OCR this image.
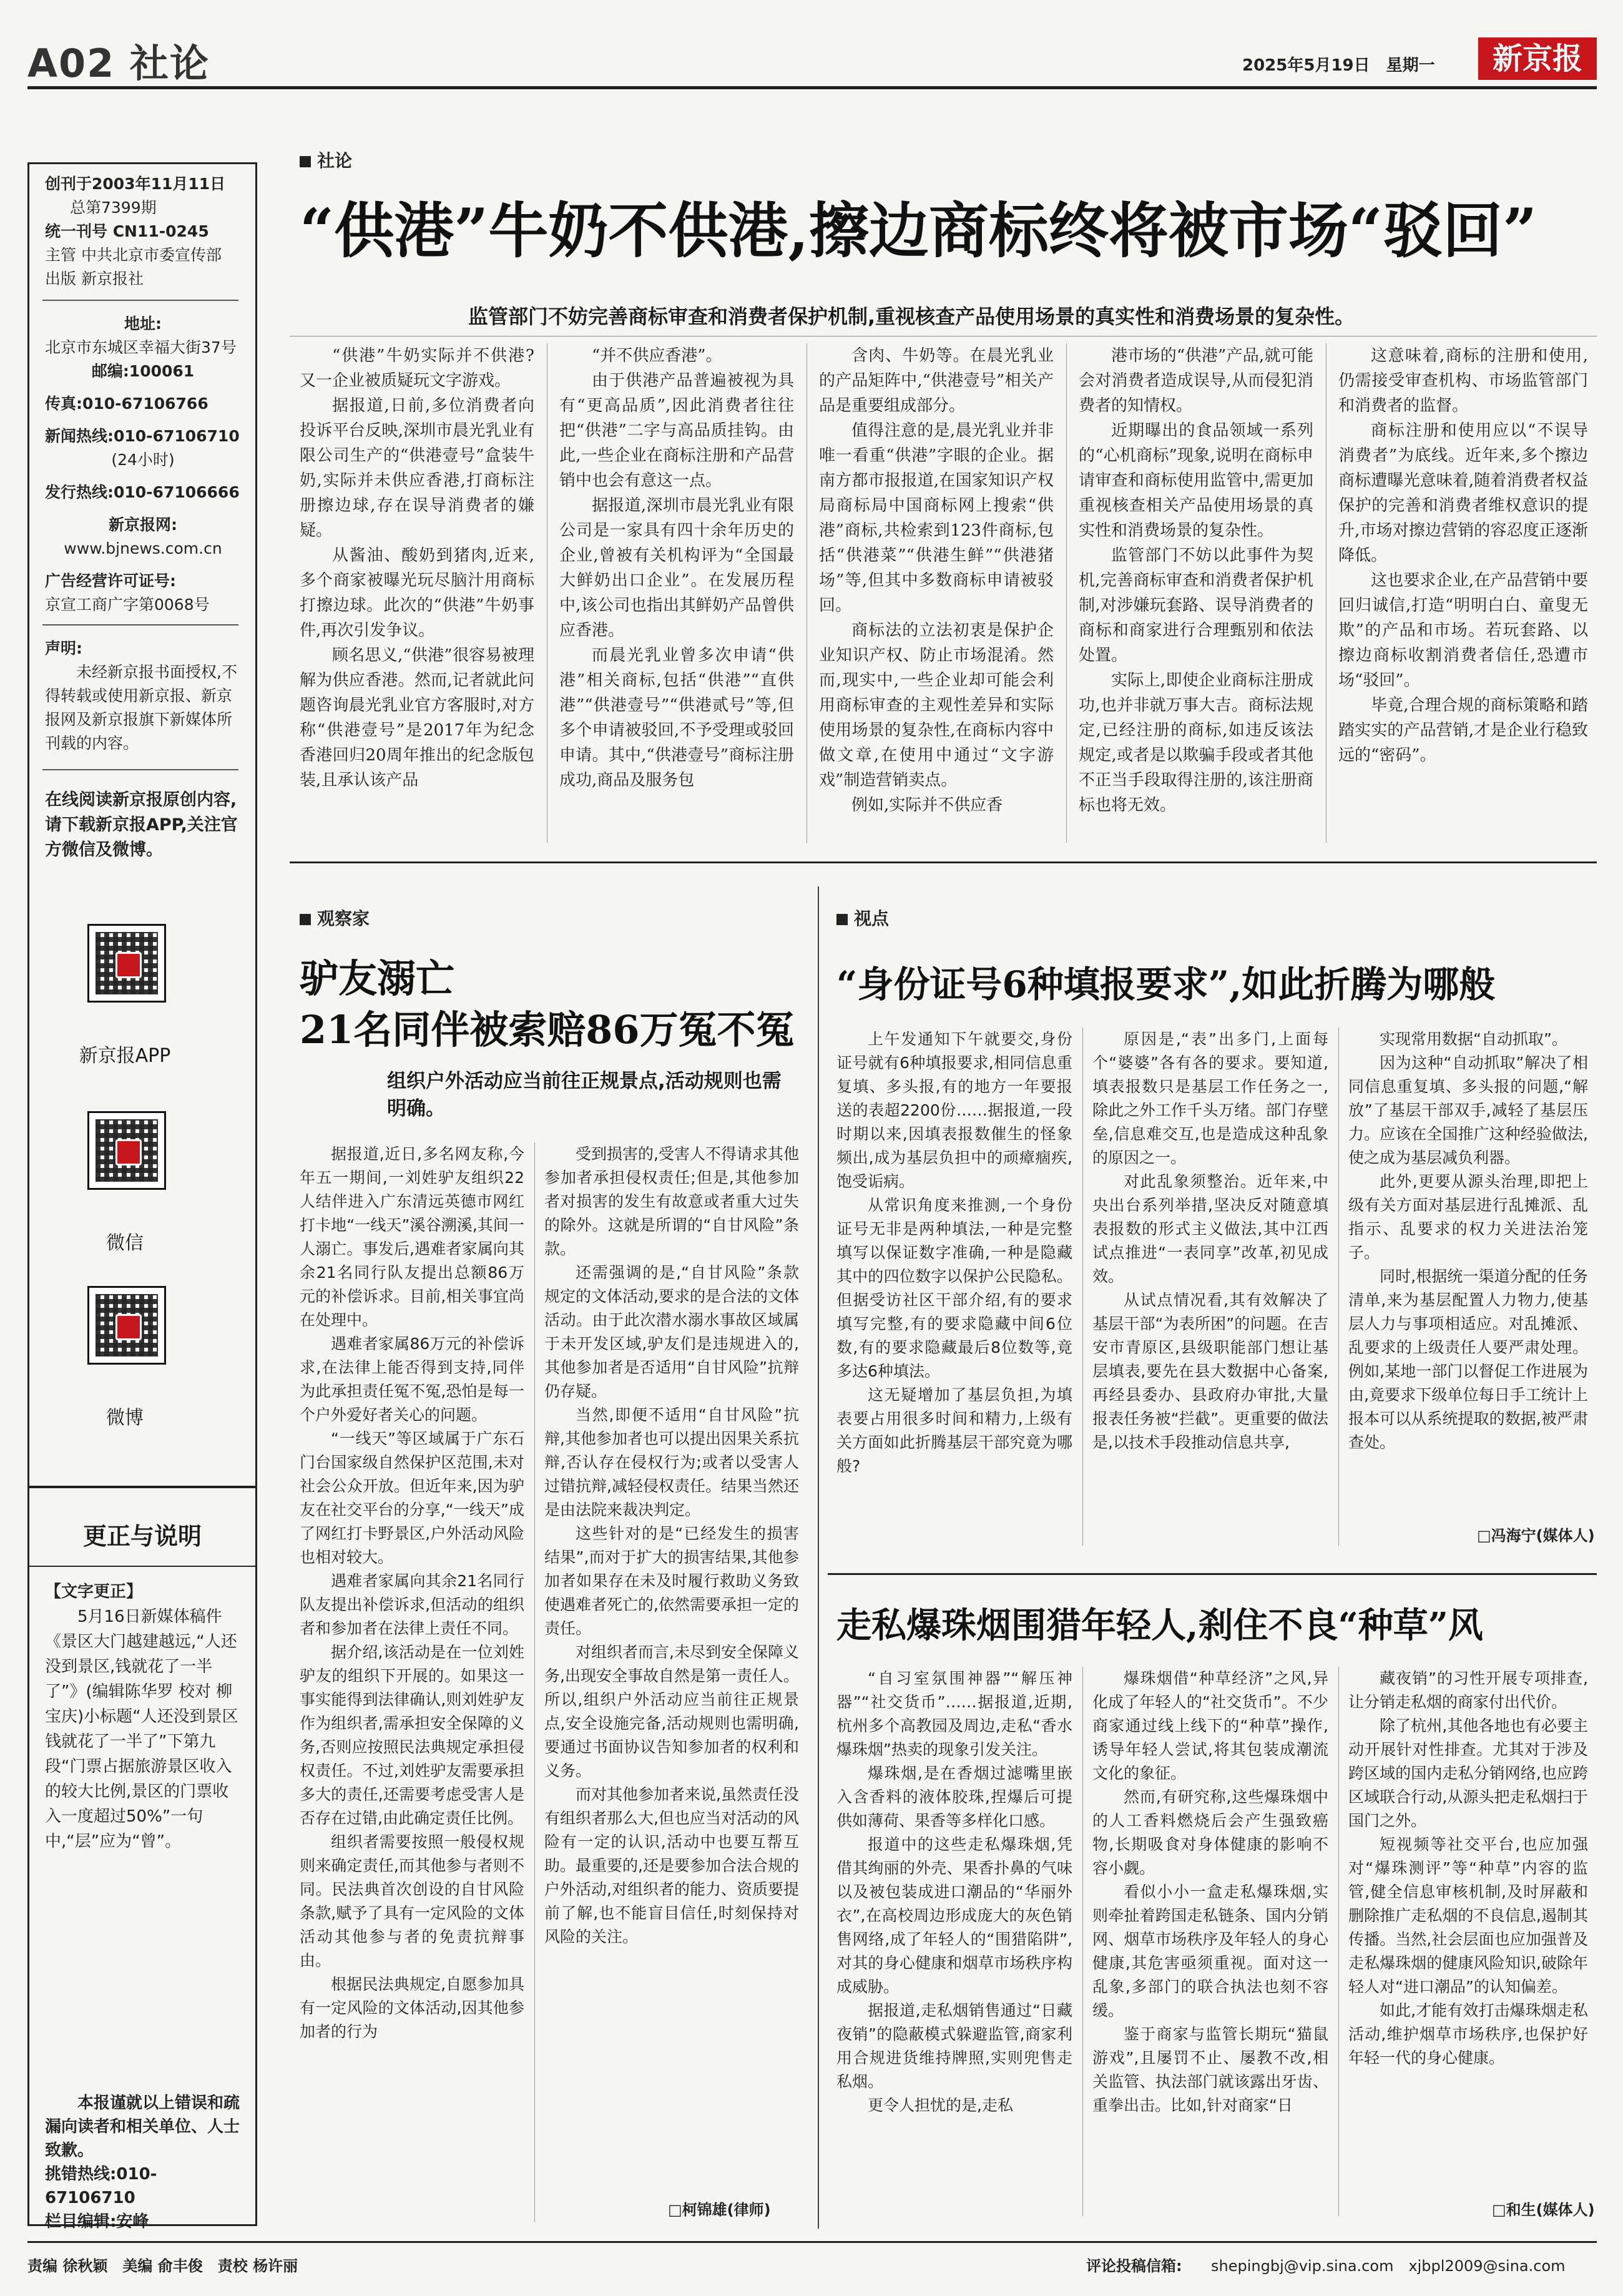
A02 社论	2025年5月19日　星期一	新京报
创刊于2003年11月11日
总第7399期
统一刊号 CN11-0245
主管 中共北京市委宣传部
出版 新京报社
地址:
北京市东城区幸福大街37号
邮编:100061
传真:010-67106766
新闻热线:010-67106710
(24小时)
发行热线:010-67106666
新京报网:
www.bjnews.com.cn
广告经营许可证号:
京宣工商广字第0068号
声明:
未经新京报书面授权,不得转载或使用新京报、新京报网及新京报旗下新媒体所刊载的内容。
在线阅读新京报原创内容,请下载新京报APP,关注官方微信及微博。
新京报APP
微信
微博
更正与说明
【文字更正】
5月16日新媒体稿件《景区大门越建越远,“人还没到景区,钱就花了一半了”》(编辑陈华罗 校对 柳宝庆)小标题“人还没到景区钱就花了一半了”下第九段“门票占据旅游景区收入的较大比例,景区的门票收入一度超过50%”一句中,“层”应为“曾”。
本报谨就以上错误和疏漏向读者和相关单位、人士致歉。
挑错热线:010-67106710
栏目编辑:安峰
社论
“供港”牛奶不供港,擦边商标终将被市场“驳回”
监管部门不妨完善商标审查和消费者保护机制,重视核查产品使用场景的真实性和消费场景的复杂性。

“供港”牛奶实际并不供港?又一企业被质疑玩文字游戏。

据报道,日前,多位消费者向投诉平台反映,深圳市晨光乳业有限公司生产的“供港壹号”盒装牛奶,实际并未供应香港,打商标注册擦边球,存在误导消费者的嫌疑。

从酱油、酸奶到猪肉,近来,多个商家被曝光玩尽脑汁用商标打擦边球。此次的“供港”牛奶事件,再次引发争议。

顾名思义,“供港”很容易被理解为供应香港。然而,记者就此问题咨询晨光乳业官方客服时,对方称“供港壹号”是2017年为纪念香港回归20周年推出的纪念版包装,且承认该产品

“并不供应香港”。

由于供港产品普遍被视为具有“更高品质”,因此消费者往往把“供港”二字与高品质挂钩。由此,一些企业在商标注册和产品营销中也会有意这一点。

据报道,深圳市晨光乳业有限公司是一家具有四十余年历史的企业,曾被有关机构评为“全国最大鲜奶出口企业”。在发展历程中,该公司也指出其鲜奶产品曾供应香港。

而晨光乳业曾多次申请“供港”相关商标,包括“供港”“直供港”“供港壹号”“供港贰号”等,但多个申请被驳回,不予受理或驳回申请。其中,“供港壹号”商标注册成功,商品及服务包

含肉、牛奶等。在晨光乳业的产品矩阵中,“供港壹号”相关产品是重要组成部分。

值得注意的是,晨光乳业并非唯一看重“供港”字眼的企业。据南方都市报报道,在国家知识产权局商标局中国商标网上搜索“供港”商标,共检索到123件商标,包括“供港菜”“供港生鲜”“供港猪场”等,但其中多数商标申请被驳回。

商标法的立法初衷是保护企业知识产权、防止市场混淆。然而,现实中,一些企业却可能会利用商标审查的主观性差异和实际使用场景的复杂性,在商标内容中做文章,在使用中通过“文字游戏”制造营销卖点。

例如,实际并不供应香

港市场的“供港”产品,就可能会对消费者造成误导,从而侵犯消费者的知情权。

近期曝出的食品领域一系列的“心机商标”现象,说明在商标申请审查和商标使用监管中,需更加重视核查相关产品使用场景的真实性和消费场景的复杂性。

监管部门不妨以此事件为契机,完善商标审查和消费者保护机制,对涉嫌玩套路、误导消费者的商标和商家进行合理甄别和依法处置。

实际上,即使企业商标注册成功,也并非就万事大吉。商标法规定,已经注册的商标,如违反该法规定,或者是以欺骗手段或者其他不正当手段取得注册的,该注册商标也将无效。

这意味着,商标的注册和使用,仍需接受审查机构、市场监管部门和消费者的监督。

商标注册和使用应以“不误导消费者”为底线。近年来,多个擦边商标遭曝光意味着,随着消费者权益保护的完善和消费者维权意识的提升,市场对擦边营销的容忍度正逐渐降低。

这也要求企业,在产品营销中要回归诚信,打造“明明白白、童叟无欺”的产品和市场。若玩套路、以擦边商标收割消费者信任,恐遭市场“驳回”。

毕竟,合理合规的商标策略和踏踏实实的产品营销,才是企业行稳致远的“密码”。

观察家
驴友溺亡
21名同伴被索赔86万冤不冤
组织户外活动应当前往正规景点,活动规则也需明确。

据报道,近日,多名网友称,今年五一期间,一刘姓驴友组织22人结伴进入广东清远英德市网红打卡地“一线天”溪谷溯溪,其间一人溺亡。事发后,遇难者家属向其余21名同行队友提出总额86万元的补偿诉求。目前,相关事宜尚在处理中。

遇难者家属86万元的补偿诉求,在法律上能否得到支持,同伴为此承担责任冤不冤,恐怕是每一个户外爱好者关心的问题。

“一线天”等区域属于广东石门台国家级自然保护区范围,未对社会公众开放。但近年来,因为驴友在社交平台的分享,“一线天”成了网红打卡野景区,户外活动风险也相对较大。

遇难者家属向其余21名同行队友提出补偿诉求,但活动的组织者和参加者在法律上责任不同。

据介绍,该活动是在一位刘姓驴友的组织下开展的。如果这一事实能得到法律确认,则刘姓驴友作为组织者,需承担安全保障的义务,否则应按照民法典规定承担侵权责任。不过,刘姓驴友需要承担多大的责任,还需要考虑受害人是否存在过错,由此确定责任比例。

组织者需要按照一般侵权规则来确定责任,而其他参与者则不同。民法典首次创设的自甘风险条款,赋予了具有一定风险的文体活动其他参与者的免责抗辩事由。

根据民法典规定,自愿参加具有一定风险的文体活动,因其他参加者的行为

受到损害的,受害人不得请求其他参加者承担侵权责任;但是,其他参加者对损害的发生有故意或者重大过失的除外。这就是所谓的“自甘风险”条款。

还需强调的是,“自甘风险”条款规定的文体活动,要求的是合法的文体活动。由于此次潜水溺水事故区域属于未开发区域,驴友们是违规进入的,其他参加者是否适用“自甘风险”抗辩仍存疑。

当然,即便不适用“自甘风险”抗辩,其他参加者也可以提出因果关系抗辩,否认存在侵权行为;或者以受害人过错抗辩,减轻侵权责任。结果当然还是由法院来裁决判定。

这些针对的是“已经发生的损害结果”,而对于扩大的损害结果,其他参加者如果存在未及时履行救助义务致使遇难者死亡的,依然需要承担一定的责任。

对组织者而言,未尽到安全保障义务,出现安全事故自然是第一责任人。所以,组织户外活动应当前往正规景点,安全设施完备,活动规则也需明确,要通过书面协议告知参加者的权利和义务。

而对其他参加者来说,虽然责任没有组织者那么大,但也应当对活动的风险有一定的认识,活动中也要互帮互助。最重要的,还是要参加合法合规的户外活动,对组织者的能力、资质要提前了解,也不能盲目信任,时刻保持对风险的关注。

□柯锦雄(律师)
视点
“身份证号6种填报要求”,如此折腾为哪般

上午发通知下午就要交,身份证号就有6种填报要求,相同信息重复填、多头报,有的地方一年要报送的表超2200份……据报道,一段时期以来,因填表报数催生的怪象频出,成为基层负担中的顽瘴痼疾,饱受诟病。

从常识角度来推测,一个身份证号无非是两种填法,一种是完整填写以保证数字准确,一种是隐藏其中的四位数字以保护公民隐私。但据受访社区干部介绍,有的要求填写完整,有的要求隐藏中间6位数,有的要求隐藏最后8位数等,竟多达6种填法。

这无疑增加了基层负担,为填表要占用很多时间和精力,上级有关方面如此折腾基层干部究竟为哪般?

原因是,“表”出多门,上面每个“婆婆”各有各的要求。要知道,填表报数只是基层工作任务之一,除此之外工作千头万绪。部门存壁垒,信息难交互,也是造成这种乱象的原因之一。

对此乱象须整治。近年来,中央出台系列举措,坚决反对随意填表报数的形式主义做法,其中江西试点推进“一表同享”改革,初见成效。

从试点情况看,其有效解决了基层干部“为表所困”的问题。在吉安市青原区,县级职能部门想让基层填表,要先在县大数据中心备案,再经县委办、县政府办审批,大量报表任务被“拦截”。更重要的做法是,以技术手段推动信息共享,

实现常用数据“自动抓取”。

因为这种“自动抓取”解决了相同信息重复填、多头报的问题,“解放”了基层干部双手,减轻了基层压力。应该在全国推广这种经验做法,使之成为基层减负利器。

此外,更要从源头治理,即把上级有关方面对基层进行乱摊派、乱指示、乱要求的权力关进法治笼子。

同时,根据统一渠道分配的任务清单,来为基层配置人力物力,使基层人力与事项相适应。对乱摊派、乱要求的上级责任人要严肃处理。例如,某地一部门以督促工作进展为由,竟要求下级单位每日手工统计上报本可以从系统提取的数据,被严肃查处。

□冯海宁(媒体人)
走私爆珠烟围猎年轻人,刹住不良“种草”风

“自习室氛围神器”“解压神器”“社交货币”……据报道,近期,杭州多个高教园及周边,走私“香水爆珠烟”热卖的现象引发关注。

爆珠烟,是在香烟过滤嘴里嵌入含香料的液体胶珠,捏爆后可提供如薄荷、果香等多样化口感。

报道中的这些走私爆珠烟,凭借其绚丽的外壳、果香扑鼻的气味以及被包装成进口潮品的“华丽外衣”,在高校周边形成庞大的灰色销售网络,成了年轻人的“围猎陷阱”,对其的身心健康和烟草市场秩序构成威胁。

据报道,走私烟销售通过“日藏夜销”的隐蔽模式躲避监管,商家利用合规进货维持牌照,实则兜售走私烟。

更令人担忧的是,走私

爆珠烟借“种草经济”之风,异化成了年轻人的“社交货币”。不少商家通过线上线下的“种草”操作,诱导年轻人尝试,将其包装成潮流文化的象征。

然而,有研究称,这些爆珠烟中的人工香料燃烧后会产生强致癌物,长期吸食对身体健康的影响不容小觑。

看似小小一盒走私爆珠烟,实则牵扯着跨国走私链条、国内分销网、烟草市场秩序及年轻人的身心健康,其危害亟须重视。面对这一乱象,多部门的联合执法也刻不容缓。

鉴于商家与监管长期玩“猫鼠游戏”,且屡罚不止、屡教不改,相关监管、执法部门就该露出牙齿、重拳出击。比如,针对商家“日

藏夜销”的习性开展专项排查,让分销走私烟的商家付出代价。

除了杭州,其他各地也有必要主动开展针对性排查。尤其对于涉及跨区域的国内走私分销网络,也应跨区域联合行动,从源头把走私烟扫于国门之外。

短视频等社交平台,也应加强对“爆珠测评”等“种草”内容的监管,健全信息审核机制,及时屏蔽和删除推广走私烟的不良信息,遏制其传播。当然,社会层面也应加强普及走私爆珠烟的健康风险知识,破除年轻人对“进口潮品”的认知偏差。

如此,才能有效打击爆珠烟走私活动,维护烟草市场秩序,也保护好年轻一代的身心健康。

□和生(媒体人)
责编 徐秋颖　美编 俞丰俊　责校 杨许丽	评论投稿信箱: shepingbj@vip.sina.com　xjbpl2009@sina.com
